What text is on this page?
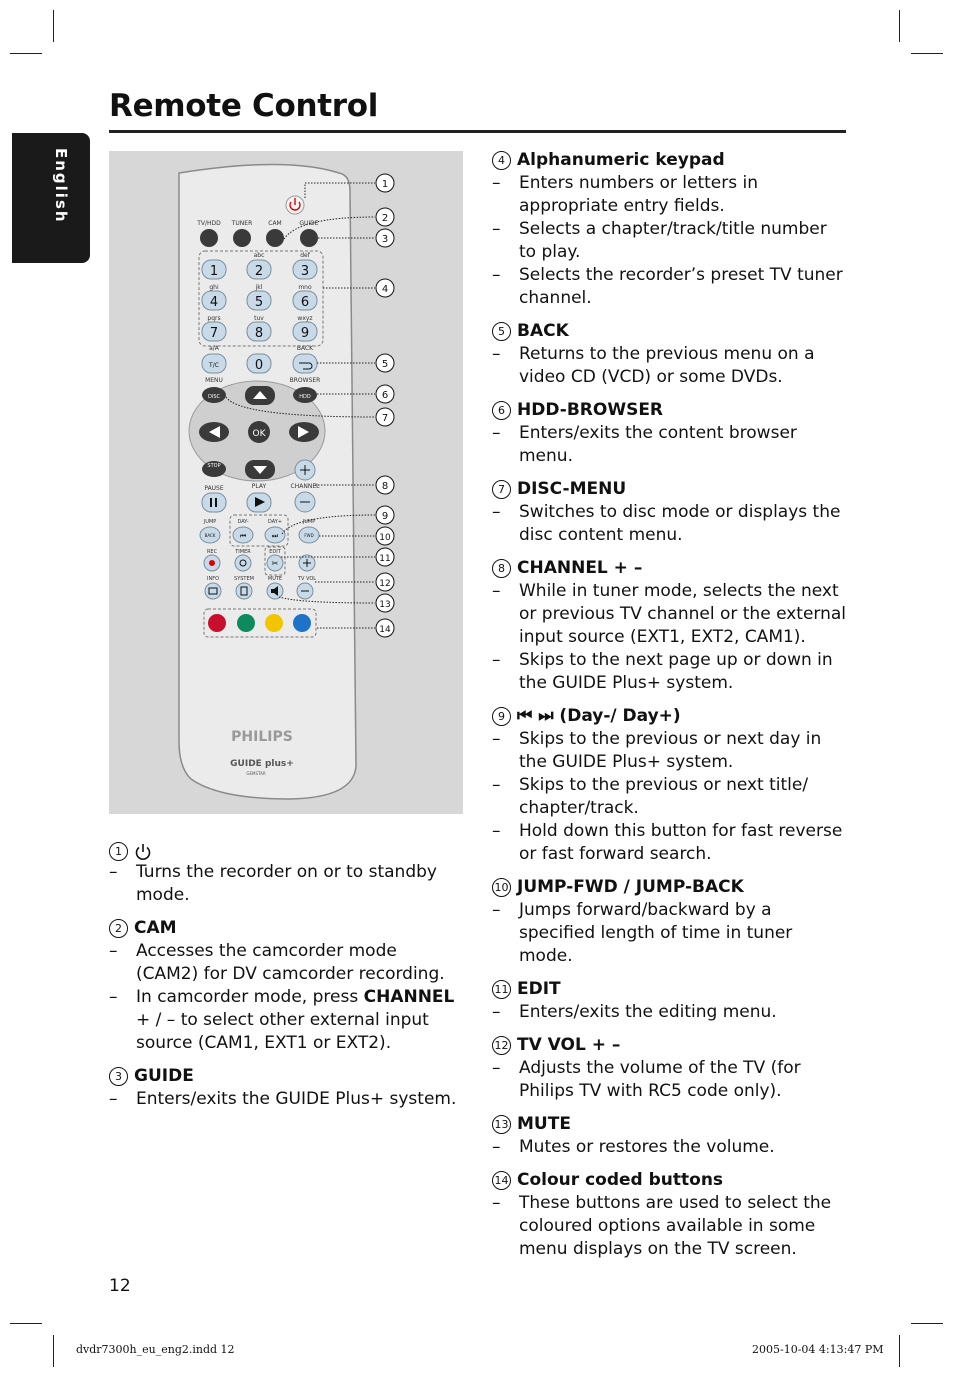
Remote Control
English	TV/HDD TUNER	CAM	GUIDE
abc	def
ghi	jkl	mno
pqrs	tuv	wxyz
1	2	3
4	5	6
7	8	9
a/A	BACK
T/C	0
MENU	BROWSER
DISC	HDD
OK
STOP
CHANNEL
PAUSE	PLAY
JUMP	DAY-	DAY+	JUMP
BACK	⏮	⏭	FWD
REC	TIMER	EDIT
✂
INFO	SYSTEM	MUTE	TV VOL
PHILIPS
GUIDE plus+
GEMSTAR
1
2
3
4
5
6
7
8
9
10
11
12
13
14
1
– Turns the recorder on or to standby mode.
2 CAM
– Accesses the camcorder mode (CAM2) for DV camcorder recording.
– In camcorder mode, press CHANNEL + / – to select other external input source (CAM1, EXT1 or EXT2).
3 GUIDE
– Enters/exits the GUIDE Plus+ system.
4 Alphanumeric keypad
– Enters numbers or letters in appropriate entry fields.
– Selects a chapter/track/title number to play.
– Selects the recorder’s preset TV tuner channel.
5 BACK
– Returns to the previous menu on a video CD (VCD) or some DVDs.
6 HDD-BROWSER
– Enters/exits the content browser menu.
7 DISC-MENU
– Switches to disc mode or displays the disc content menu.
8 CHANNEL + –
– While in tuner mode, selects the next or previous TV channel or the external input source (EXT1, EXT2, CAM1).
– Skips to the next page up or down in the GUIDE Plus+ system.
9 ⏮ ⏭ (Day-/ Day+)
– Skips to the previous or next day in the GUIDE Plus+ system.
– Skips to the previous or next title/ chapter/track.
– Hold down this button for fast reverse or fast forward search.
10 JUMP-FWD / JUMP-BACK
– Jumps forward/backward by a specified length of time in tuner mode.
11 EDIT
– Enters/exits the editing menu.
12 TV VOL + –
– Adjusts the volume of the TV (for Philips TV with RC5 code only).
13 MUTE
– Mutes or restores the volume.
14 Colour coded buttons
– These buttons are used to select the coloured options available in some menu displays on the TV screen.
12
dvdr7300h_eu_eng2.indd 12	2005-10-04 4:13:47 PM
